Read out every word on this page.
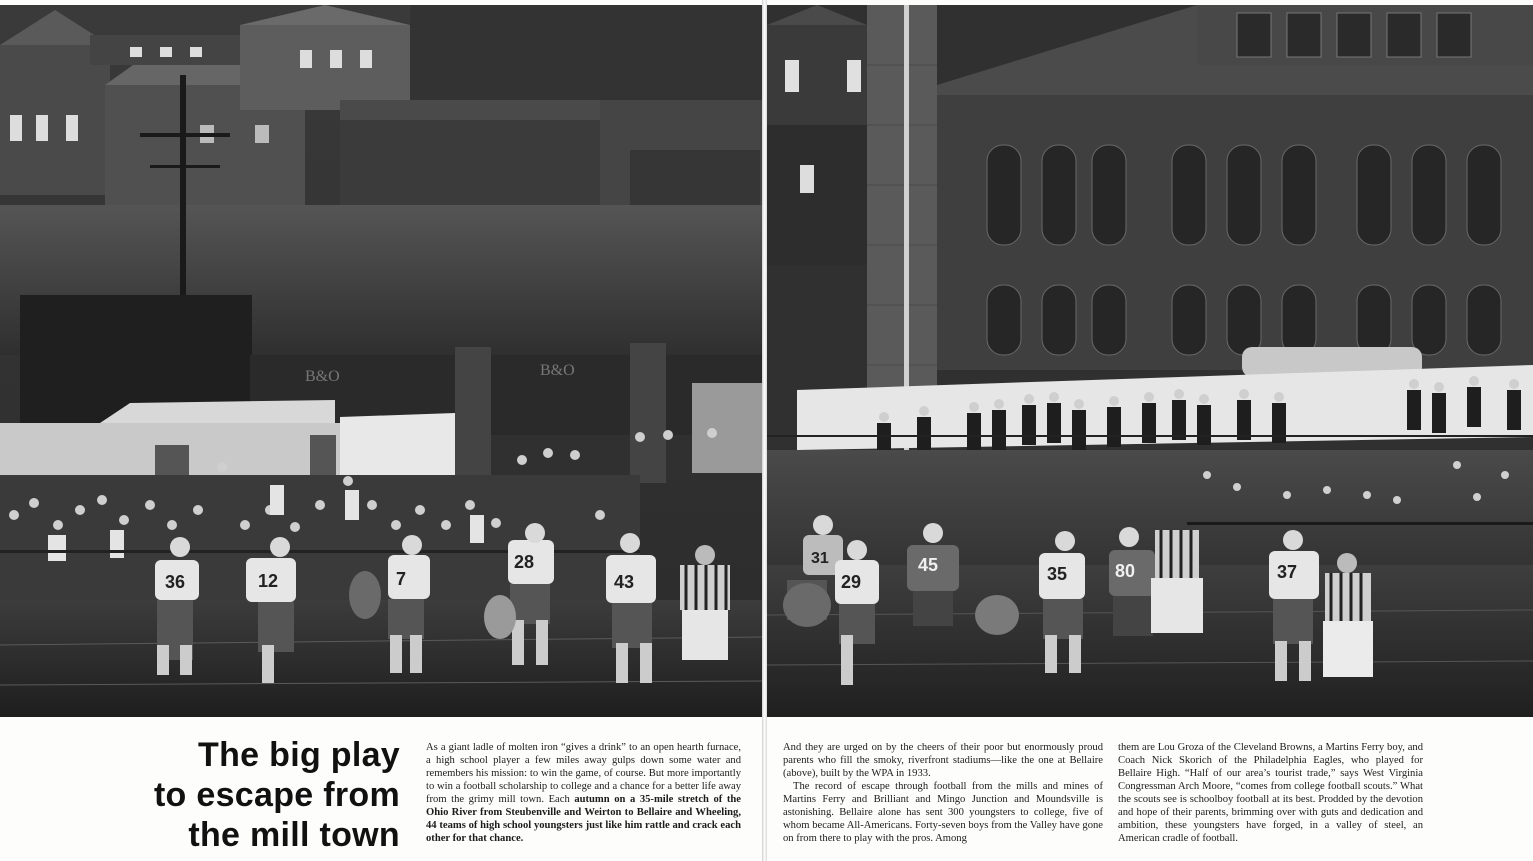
B&O	B&O
36	12	7
28
43
The big play
to escape from
the mill town

As a giant ladle of molten iron “gives a drink” to an open hearth furnace, a high school player a few miles away gulps down some water and remembers his mission: to win the game, of course. But more importantly to win a football scholarship to college and a chance for a better life away from the grimy mill town. Each autumn on a 35-mile stretch of the Ohio River from Steubenville and Weirton to Bellaire and Wheeling, 44 teams of high school youngsters just like him rattle and crack each other for that chance.

31
29
45	35	80	37

And they are urged on by the cheers of their poor but enormously proud parents who fill the smoky, riverfront stadiums—like the one at Bellaire (above), built by the WPA in 1933.

The record of escape through football from the mills and mines of Martins Ferry and Brilliant and Mingo Junction and Moundsville is astonishing. Bellaire alone has sent 300 youngsters to college, five of whom became All-Americans. Forty-seven boys from the Valley have gone on from there to play with the pros. Among

them are Lou Groza of the Cleveland Browns, a Martins Ferry boy, and Coach Nick Skorich of the Philadelphia Eagles, who played for Bellaire High. “Half of our area’s tourist trade,” says West Virginia Congressman Arch Moore, “comes from college football scouts.” What the scouts see is schoolboy football at its best. Prodded by the devotion and hope of their parents, brimming over with guts and dedication and ambition, these youngsters have forged, in a valley of steel, an American cradle of football.
